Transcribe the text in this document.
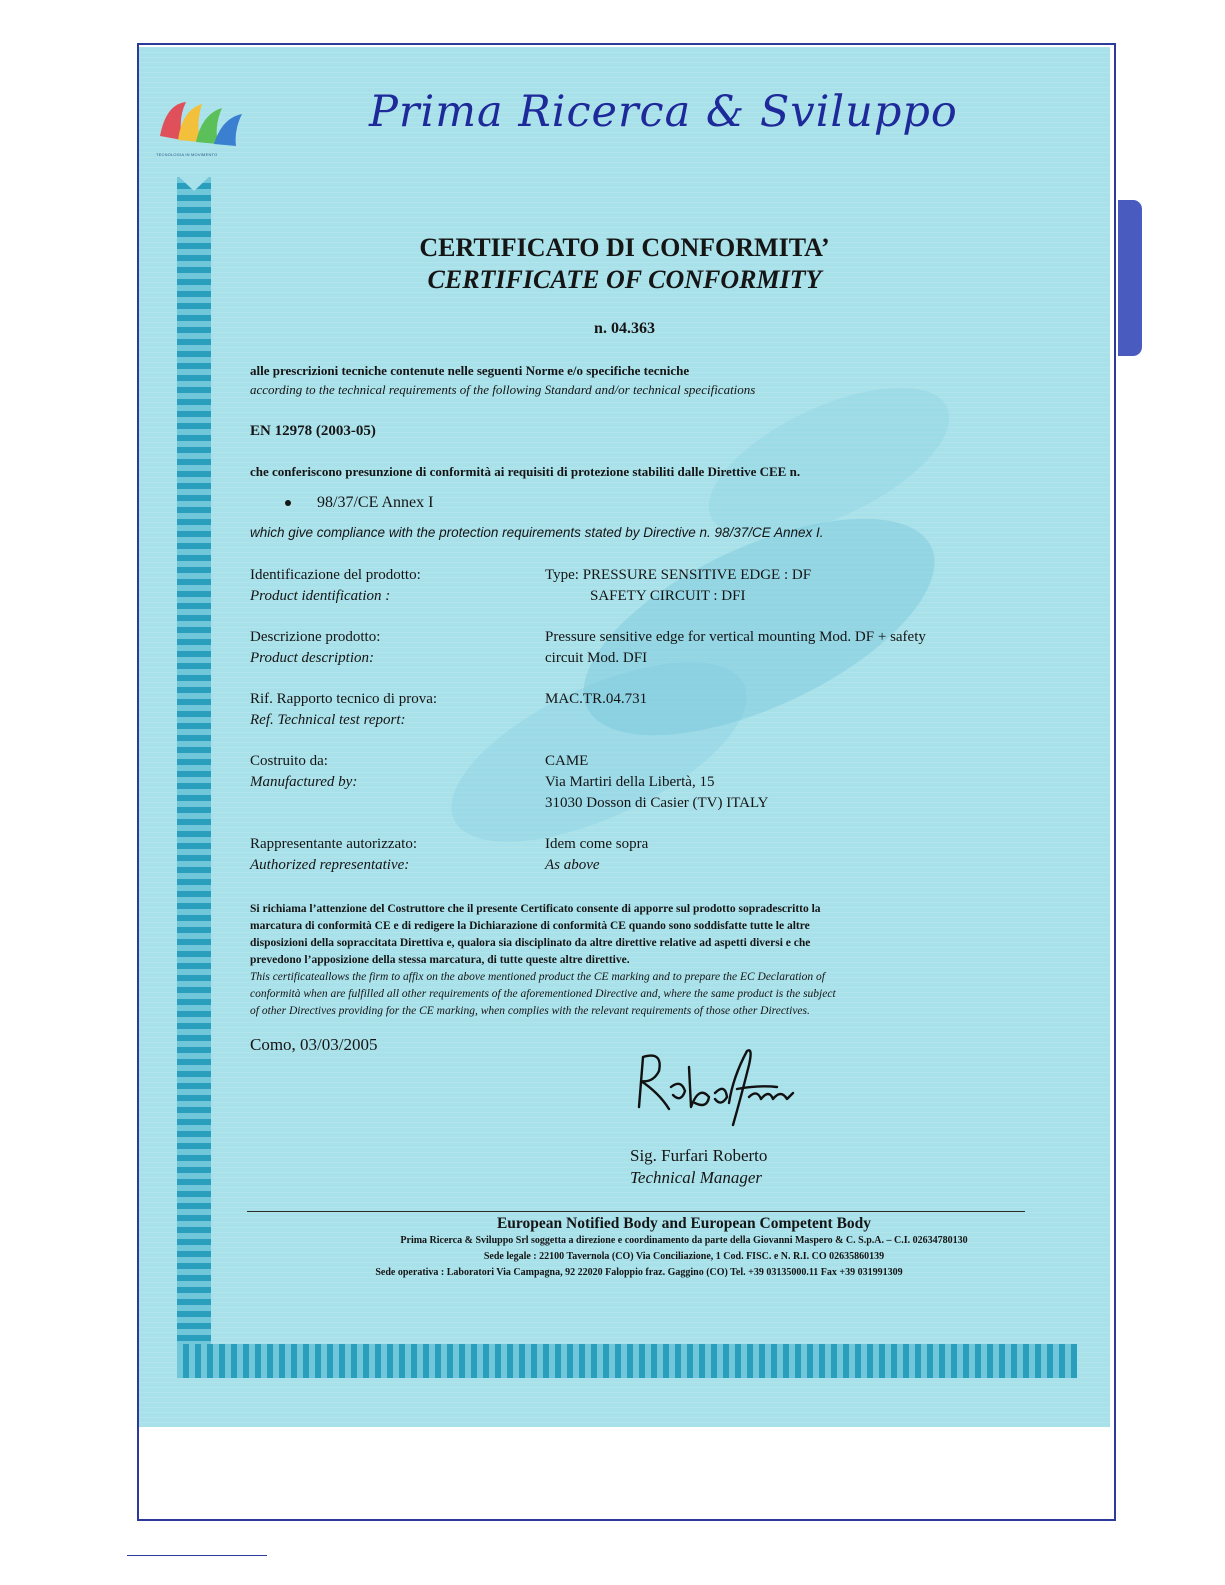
TECNOLOGIA IN MOVIMENTO
Prima Ricerca & Sviluppo
CERTIFICATO DI CONFORMITA’
CERTIFICATE OF CONFORMITY
n. 04.363
alle prescrizioni tecniche contenute nelle seguenti Norme e/o specifiche tecniche
according to the technical requirements of the following Standard and/or technical specifications
EN 12978 (2003-05)
che conferiscono presunzione di conformità ai requisiti di protezione stabiliti dalle Direttive CEE n.
98/37/CE Annex I
which give compliance with the protection requirements stated by Directive n. 98/37/CE Annex I.
Identificazione del prodotto:
Product identification :
Type: PRESSURE SENSITIVE EDGE : DF
SAFETY CIRCUIT : DFI
Descrizione prodotto:
Product description:
Pressure sensitive edge for vertical mounting Mod. DF + safety
circuit Mod. DFI
Rif. Rapporto tecnico di prova:
Ref. Technical test report:
MAC.TR.04.731
Costruito da:
Manufactured by:
CAME
Via Martiri della Libertà, 15
31030 Dosson di Casier (TV) ITALY
Rappresentante autorizzato:
Authorized representative:
Idem come sopra
As above
Si richiama l’attenzione del Costruttore che il presente Certificato consente di apporre sul prodotto sopradescritto la
marcatura di conformità CE e di redigere la Dichiarazione di conformità CE quando sono soddisfatte tutte le altre
disposizioni della sopraccitata Direttiva e, qualora sia disciplinato da altre direttive relative ad aspetti diversi e che
prevedono l’apposizione della stessa marcatura, di tutte queste altre direttive.
This certificateallows the firm to affix on the above mentioned product the CE marking and to prepare the EC Declaration of
conformità when are fulfilled all other requirements of the aforementioned Directive and, where the same product is the subject
of other Directives providing for the CE marking, when complies with the relevant requirements of those other Directives.
Como, 03/03/2005
Sig. Furfari Roberto
Technical Manager
European Notified Body and European Competent Body
Prima Ricerca & Sviluppo Srl soggetta a direzione e coordinamento da parte della Giovanni Maspero & C. S.p.A. – C.I. 02634780130
Sede legale : 22100 Tavernola (CO) Via Conciliazione, 1 Cod. FISC. e N. R.I. CO 02635860139
Sede operativa : Laboratori Via Campagna, 92 22020 Faloppio fraz. Gaggino (CO) Tel. +39 03135000.11 Fax +39 031991309
